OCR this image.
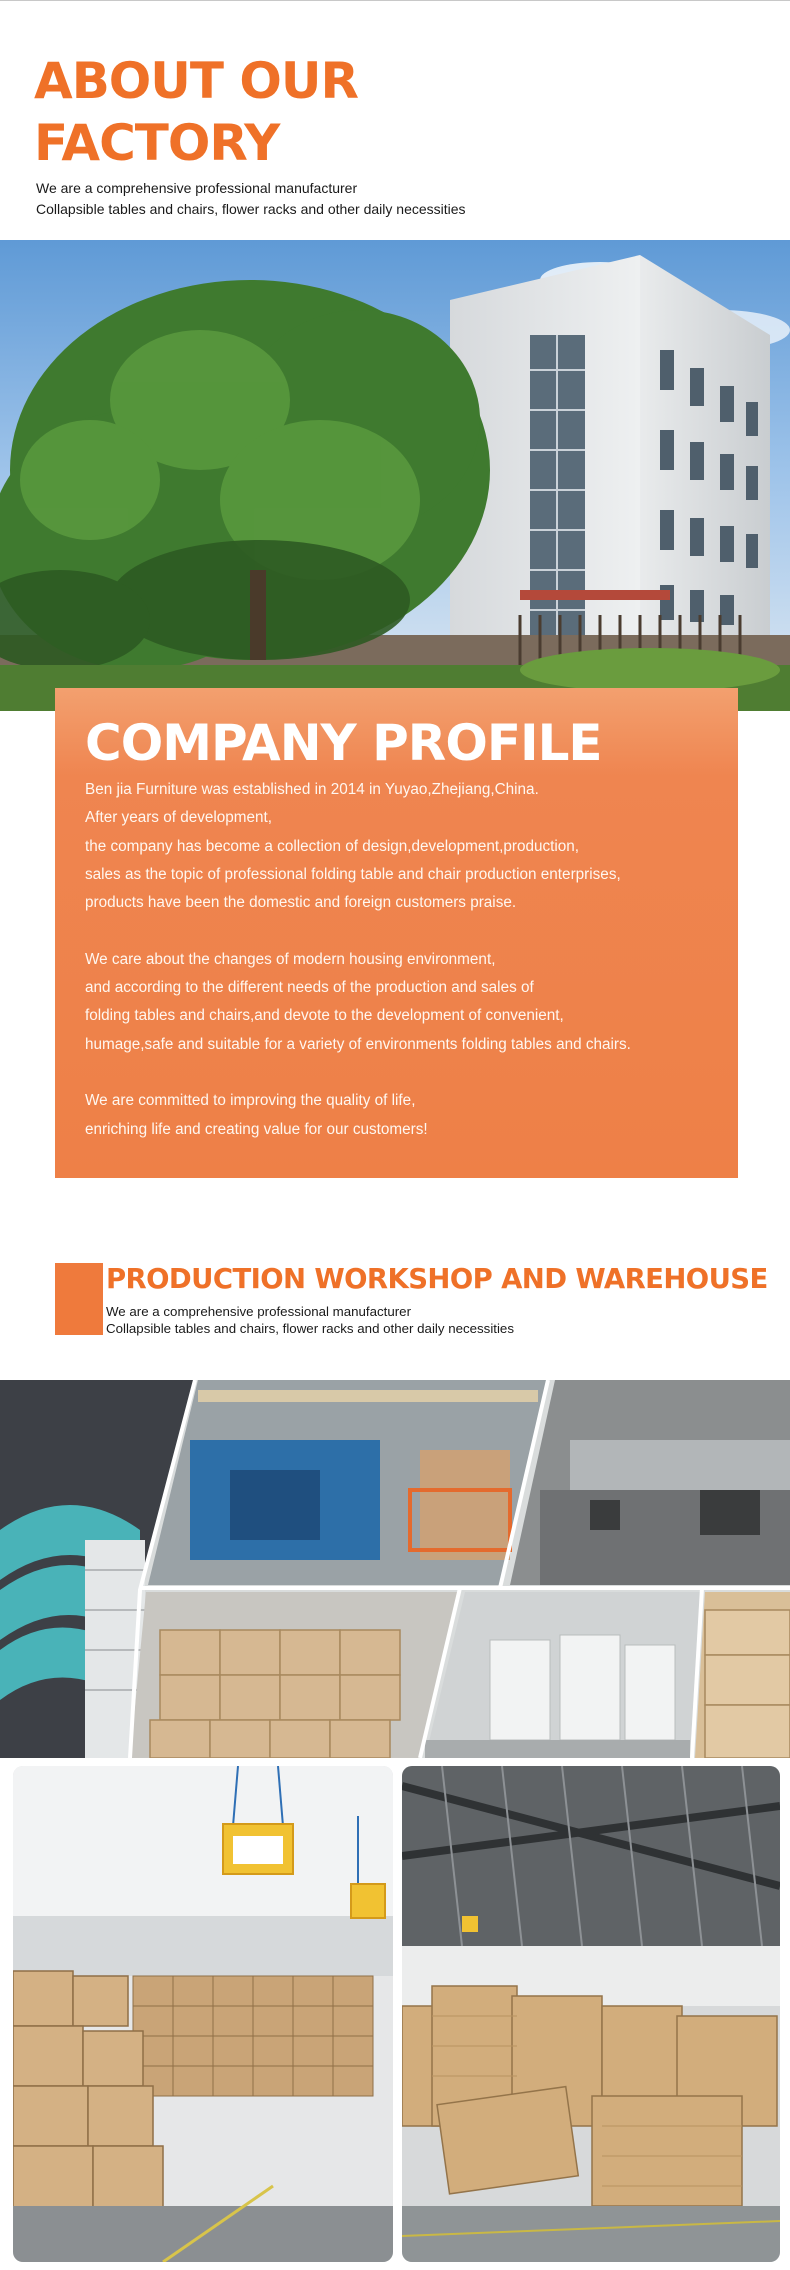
ABOUT OUR
FACTORY
We are a comprehensive professional manufacturer
Collapsible tables and chairs, flower racks and other daily necessities
COMPANY PROFILE
Ben jia Furniture was established in 2014 in Yuyao,Zhejiang,China.
After years of development,
the company has become a collection of design,development,production,
sales as the topic of professional folding table and chair production enterprises,
products have been the domestic and foreign customers praise.
We care about the changes of modern housing environment,
and according to the different needs of the production and sales of
folding tables and chairs,and devote to the development of convenient,
humage,safe and suitable for a variety of environments folding tables and chairs.
We are committed to improving the quality of life,
enriching life and creating value for our customers!
PRODUCTION WORKSHOP AND WAREHOUSE
We are a comprehensive professional manufacturer
Collapsible tables and chairs, flower racks and other daily necessities
